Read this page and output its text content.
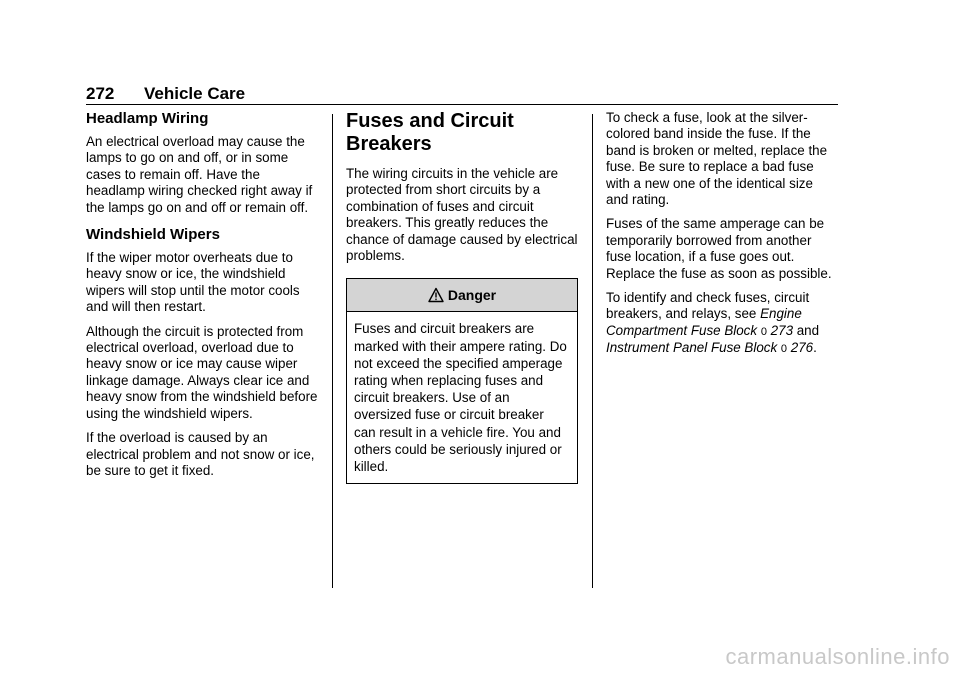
272 Vehicle Care
Headlamp Wiring

An electrical overload may cause the lamps to go on and off, or in some cases to remain off. Have the headlamp wiring checked right away if the lamps go on and off or remain off.

Windshield Wipers

If the wiper motor overheats due to heavy snow or ice, the windshield wipers will stop until the motor cools and will then restart.

Although the circuit is protected from electrical overload, overload due to heavy snow or ice may cause wiper linkage damage. Always clear ice and heavy snow from the windshield before using the windshield wipers.

If the overload is caused by an electrical problem and not snow or ice, be sure to get it fixed.

Fuses and Circuit Breakers

The wiring circuits in the vehicle are protected from short circuits by a combination of fuses and circuit breakers. This greatly reduces the chance of damage caused by electrical problems.

Danger
Fuses and circuit breakers are marked with their ampere rating. Do not exceed the specified amperage rating when replacing fuses and circuit breakers. Use of an oversized fuse or circuit breaker can result in a vehicle fire. You and others could be seriously injured or killed.

To check a fuse, look at the silver-colored band inside the fuse. If the band is broken or melted, replace the fuse. Be sure to replace a bad fuse with a new one of the identical size and rating.

Fuses of the same amperage can be temporarily borrowed from another fuse location, if a fuse goes out. Replace the fuse as soon as possible.

To identify and check fuses, circuit breakers, and relays, see Engine Compartment Fuse Block 0 273 and Instrument Panel Fuse Block 0 276.

carmanualsonline.info
